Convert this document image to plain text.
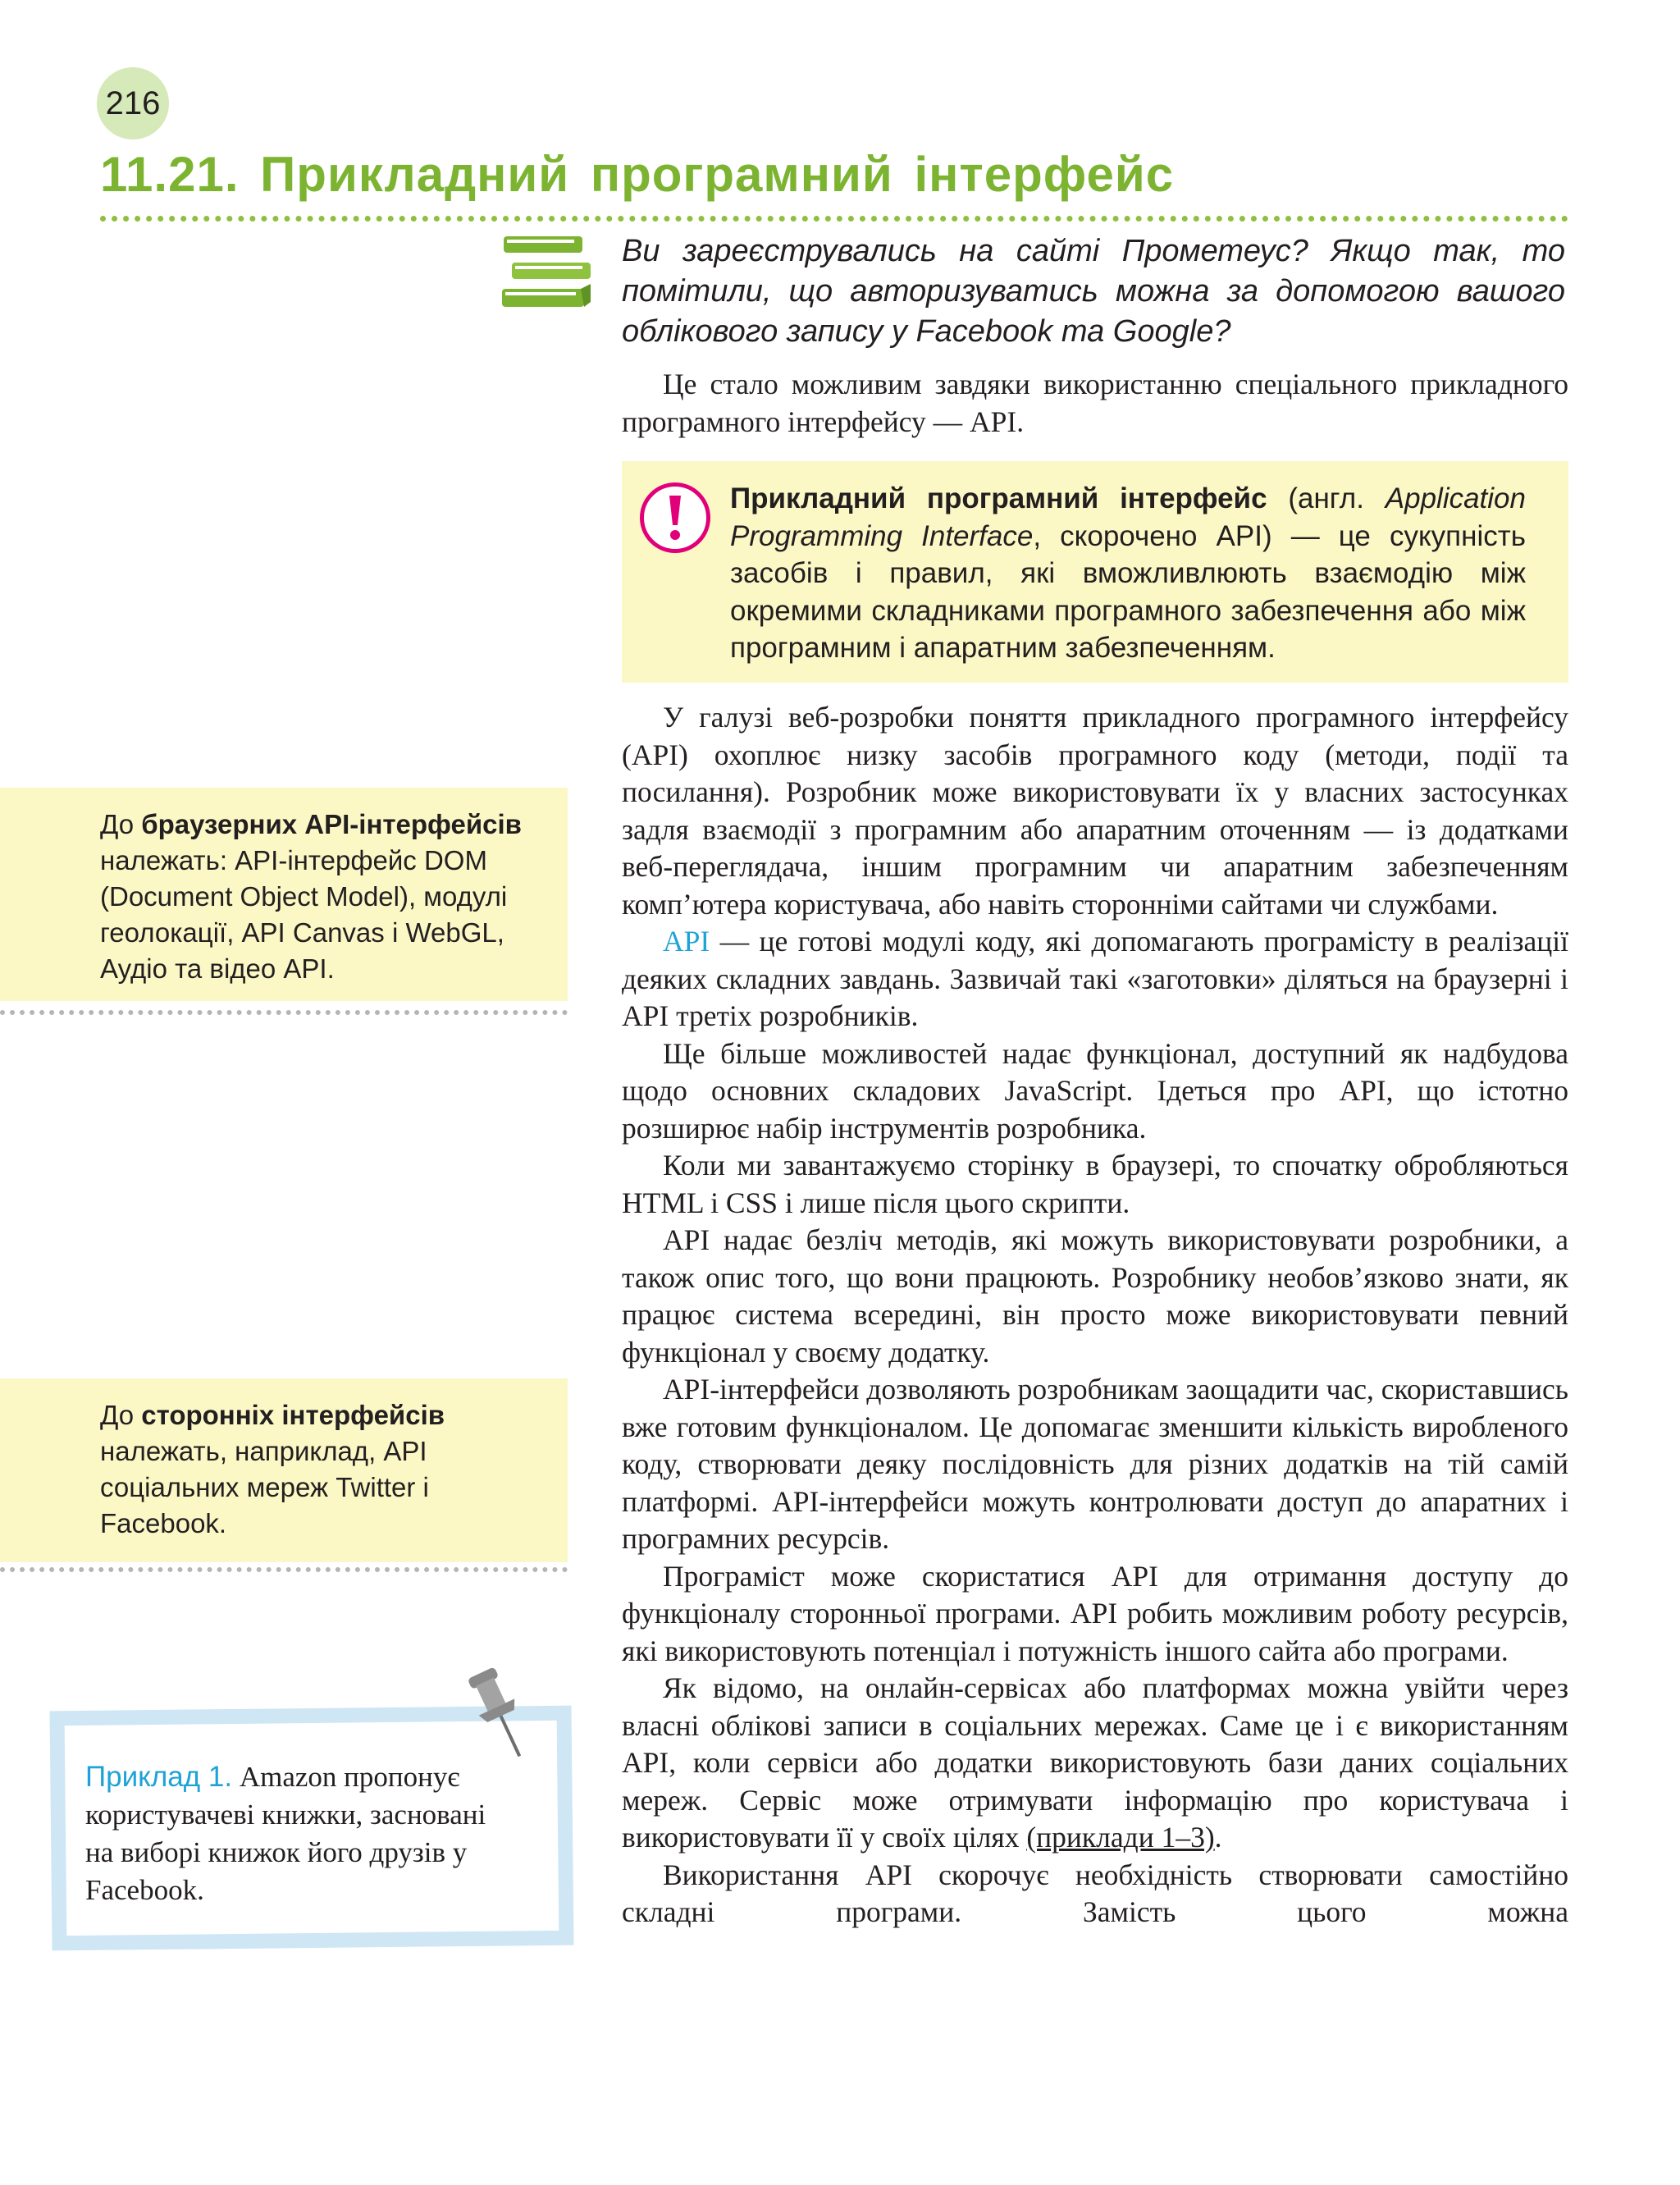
216
11.21. Прикладний програмний інтерфейс

Ви зареєструвались на сайті Прометеус? Якщо так, то помітили, що авторизуватись можна за допомогою вашого облікового запису у Facebook та Google?

Це стало можливим завдяки використанню спеціального прикладного програмного інтерфейсу — API.

Прикладний програмний інтерфейс (англ. Application Programming Interface, скорочено API) — це сукупність засобів і правил, які вможливлюють взаємодію між окремими складниками програмного забезпечення або між програмним і апаратним забезпеченням.

У галузі веб-розробки поняття прикладного програмного інтерфейсу (API) охоплює низку засобів програмного коду (методи, події та посилання). Розробник може використовувати їх у власних застосунках задля взаємодії з програмним або апаратним оточенням — із додатками веб-переглядача, іншим програмним чи апаратним забезпеченням комп’ютера користувача, або навіть сторонніми сайтами чи службами.

API — це готові модулі коду, які допомагають програмісту в реалізації деяких складних завдань. Зазвичай такі «заготовки» діляться на браузерні і API третіх розробників.

Ще більше можливостей надає функціонал, доступний як надбудова щодо основних складових JavaScript. Ідеться про API, що істотно розширює набір інструментів розробника.

Коли ми завантажуємо сторінку в браузері, то спочатку обробляються HTML і CSS і лише після цього скрипти.

API надає безліч методів, які можуть використовувати розробники, а також опис того, що вони працюють. Розробнику необов’язково знати, як працює система всередині, він просто може використовувати певний функціонал у своєму додатку.

API-інтерфейси дозволяють розробникам заощадити час, скориставшись вже готовим функціоналом. Це допомагає зменшити кількість виробленого коду, створювати деяку послідовність для різних додатків на тій самій платформі. API-інтерфейси можуть контролювати доступ до апаратних і програмних ресурсів.

Програміст може скористатися API для отримання доступу до функціоналу сторонньої програми. API робить можливим роботу ресурсів, які використовують потенціал і потужність іншого сайта або програми.

Як відомо, на онлайн-сервісах або платформах можна увійти через власні облікові записи в соціальних мережах. Саме це і є використанням API, коли сервіси або додатки використовують бази даних соціальних мереж. Сервіс може отримувати інформацію про користувача і використовувати її у своїх цілях (приклади 1–3).

Використання API скорочує необхідність створювати самостійно складні програми. Замість цього можна

До браузерних API-інтерфейсів належать: API-інтерфейс DOM (Document Object Model), модулі геолокації, API Canvas і WebGL, Аудіо та відео API.

До сторонніх інтерфейсів належать, наприклад, API соціальних мереж Twitter і Facebook.

Приклад 1. Amazon пропонує користувачеві книжки, засновані на виборі книжок його друзів у Facebook.
